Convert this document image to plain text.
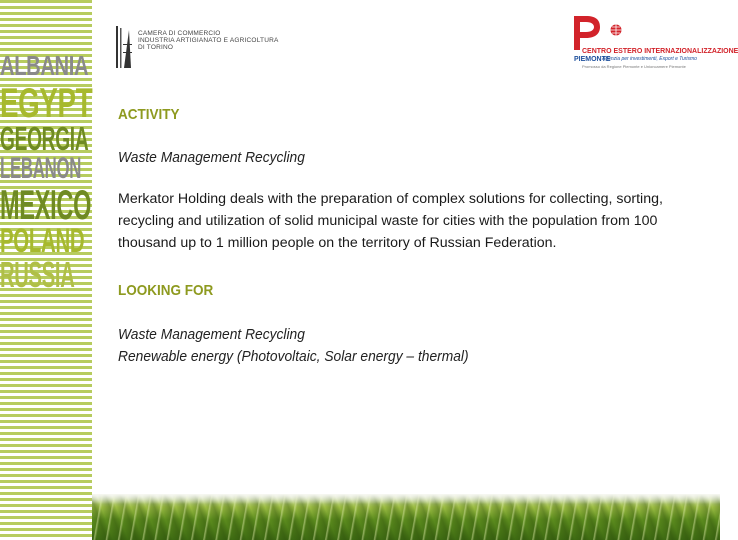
ALBANIA
EGYPT
GEORGIA
LEBANON
MEXICO
POLAND
RUSSIA
CAMERA DI COMMERCIO
INDUSTRIA ARTIGIANATO E AGRICOLTURA
DI TORINO
CENTRO ESTERO INTERNAZIONALIZZAZIONE
PIEMONTE
Agenzia per investimenti, Export e Turismo
Promosso da Regione Piemonte e Unioncamere Piemonte
ACTIVITY

Waste Management Recycling

Merkator Holding deals with the preparation of complex solutions for collecting, sorting, recycling and utilization of solid municipal waste for cities with the population from 100 thousand up to 1 million people on the territory of Russian Federation.

LOOKING FOR
Waste Management Recycling
Renewable energy (Photovoltaic, Solar energy – thermal)
